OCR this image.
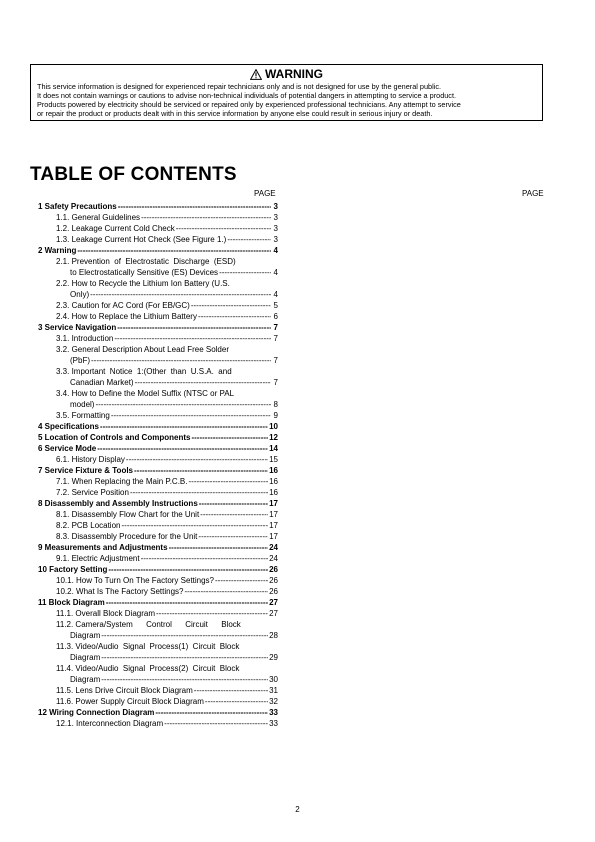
WARNING
This service information is designed for experienced repair technicians only and is not designed for use by the general public.
It does not contain warnings or cautions to advise non-technical individuals of potential dangers in attempting to service a product.
Products powered by electricity should be serviced or repaired only by experienced professional technicians. Any attempt to service
or repair the product or products dealt with in this service information by anyone else could result in serious injury or death.
TABLE OF CONTENTS
PAGE	PAGE
1 Safety Precautions -----	3
1.1. General Guidelines -----	3
1.2. Leakage Current Cold Check -----	3
1.3. Leakage Current Hot Check (See Figure 1.) -----	3
2 Warning -----	4
2.1. Prevention  of  Electrostatic  Discharge  (ESD)
to Electrostatically Sensitive (ES) Devices -----	4
2.2. How to Recycle the Lithium Ion Battery (U.S.
Only) -----	4
2.3. Caution for AC Cord (For EB/GC) -----	5
2.4. How to Replace the Lithium Battery -----	6
3 Service Navigation -----	7
3.1. Introduction -----	7
3.2. General Description About Lead Free Solder
(PbF) -----	7
3.3. Important  Notice  1:(Other  than  U.S.A.  and
Canadian Market) -----	7
3.4. How to Define the Model Suffix (NTSC or PAL
model) -----	8
3.5. Formatting -----	9
4 Specifications -----	10
5 Location of Controls and Components -----	12
6 Service Mode -----	14
6.1. History Display -----	15
7 Service Fixture & Tools -----	16
7.1. When Replacing the Main P.C.B. -----	16
7.2. Service Position -----	16
8 Disassembly and Assembly Instructions -----	17
8.1. Disassembly Flow Chart for the Unit -----	17
8.2. PCB Location -----	17
8.3. Disassembly Procedure for the Unit -----	17
9 Measurements and Adjustments -----	24
9.1. Electric Adjustment -----	24
10 Factory Setting -----	26
10.1. How To Turn On The Factory Settings? -----	26
10.2. What Is The Factory Settings? -----	26
11 Block Diagram -----	27
11.1. Overall Block Diagram -----	27
11.2. Camera/System      Control      Circuit      Block
Diagram -----	28
11.3. Video/Audio  Signal  Process(1)  Circuit  Block
Diagram -----	29
11.4. Video/Audio  Signal  Process(2)  Circuit  Block
Diagram -----	30
11.5. Lens Drive Circuit Block Diagram -----	31
11.6. Power Supply Circuit Block Diagram -----	32
12 Wiring Connection Diagram -----	33
12.1. Interconnection Diagram -----	33
2
